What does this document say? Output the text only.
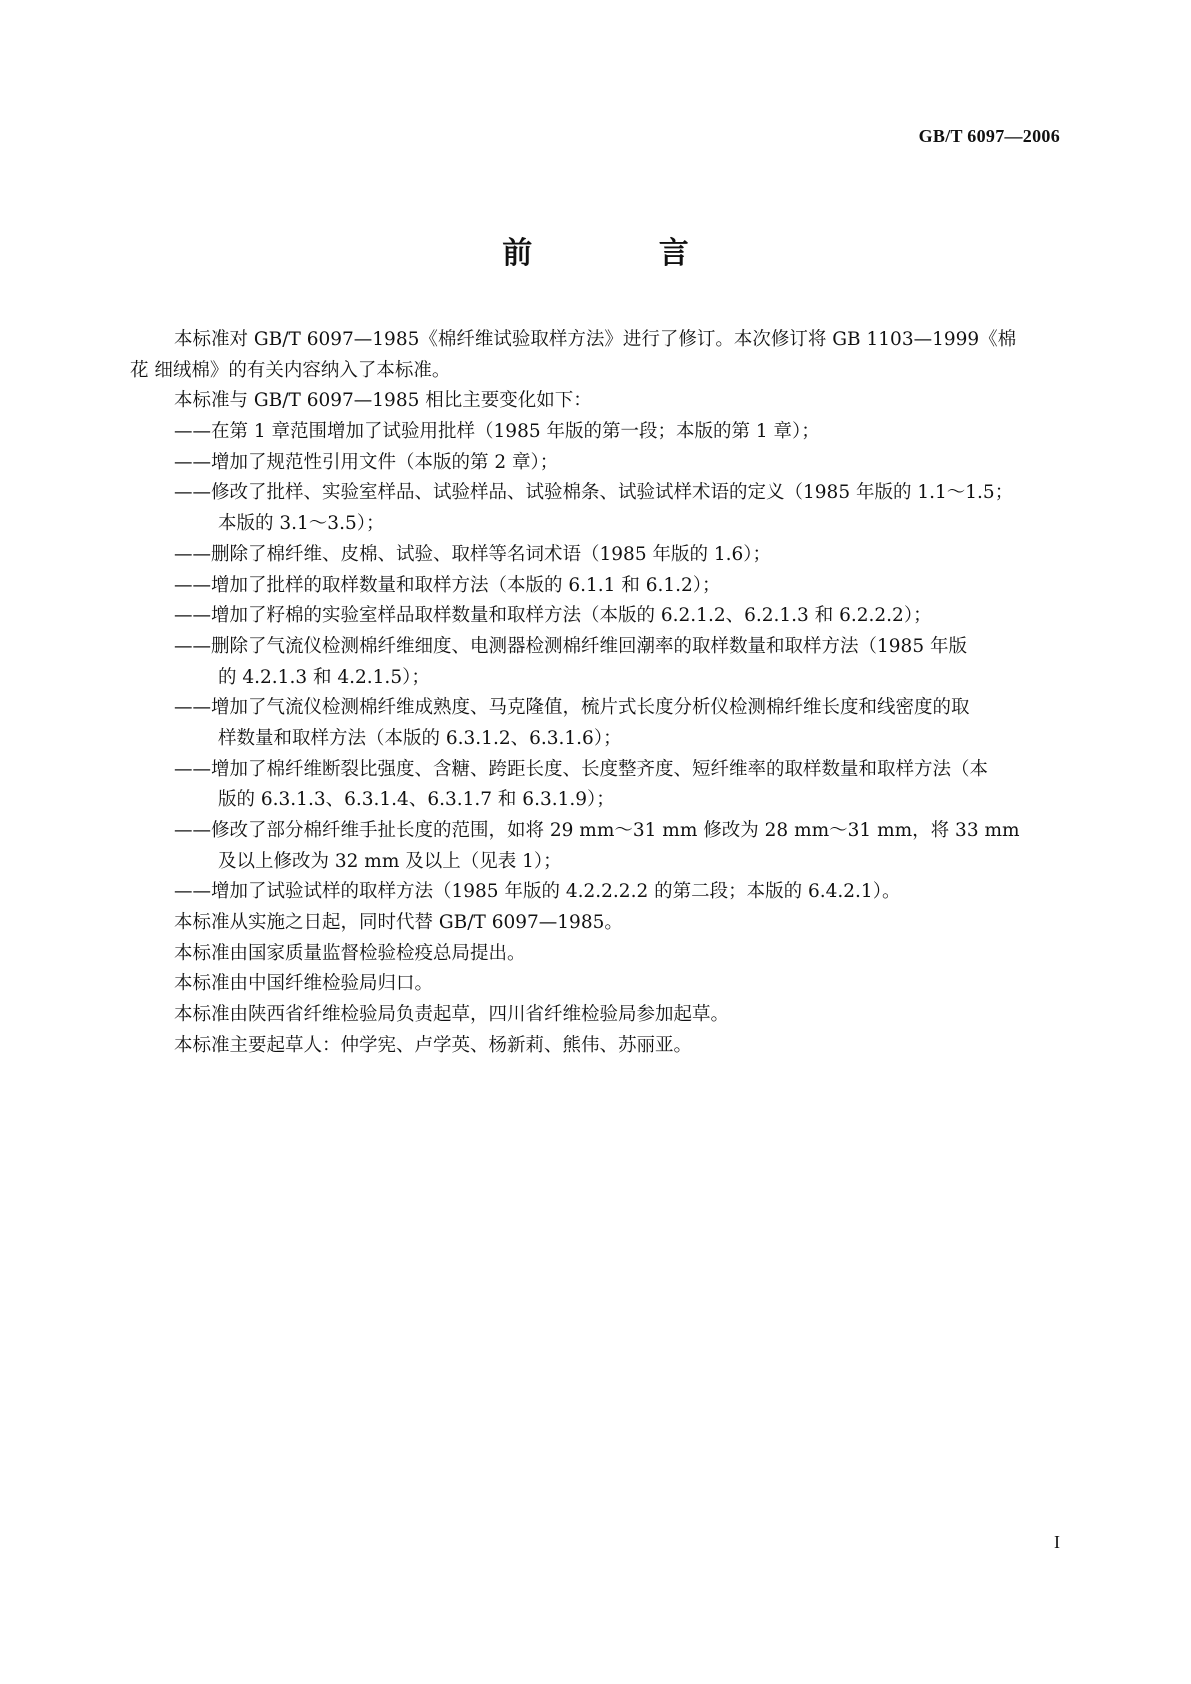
GB/T 6097—2006
前 言
本标准对 GB/T 6097—1985《棉纤维试验取样方法》进行了修订。本次修订将 GB 1103—1999《棉
花 细绒棉》的有关内容纳入了本标准。
本标准与 GB/T 6097—1985 相比主要变化如下：
——在第 1 章范围增加了试验用批样（1985 年版的第一段；本版的第 1 章）；
——增加了规范性引用文件（本版的第 2 章）；
——修改了批样、实验室样品、试验样品、试验棉条、试验试样术语的定义（1985 年版的 1.1～1.5；
本版的 3.1～3.5）；
——删除了棉纤维、皮棉、试验、取样等名词术语（1985 年版的 1.6）；
——增加了批样的取样数量和取样方法（本版的 6.1.1 和 6.1.2）；
——增加了籽棉的实验室样品取样数量和取样方法（本版的 6.2.1.2、6.2.1.3 和 6.2.2.2）；
——删除了气流仪检测棉纤维细度、电测器检测棉纤维回潮率的取样数量和取样方法（1985 年版
的 4.2.1.3 和 4.2.1.5）；
——增加了气流仪检测棉纤维成熟度、马克隆值，梳片式长度分析仪检测棉纤维长度和线密度的取
样数量和取样方法（本版的 6.3.1.2、6.3.1.6）；
——增加了棉纤维断裂比强度、含糖、跨距长度、长度整齐度、短纤维率的取样数量和取样方法（本
版的 6.3.1.3、6.3.1.4、6.3.1.7 和 6.3.1.9）；
——修改了部分棉纤维手扯长度的范围，如将 29 mm～31 mm 修改为 28 mm～31 mm，将 33 mm
及以上修改为 32 mm 及以上（见表 1）；
——增加了试验试样的取样方法（1985 年版的 4.2.2.2.2 的第二段；本版的 6.4.2.1）。
本标准从实施之日起，同时代替 GB/T 6097—1985。
本标准由国家质量监督检验检疫总局提出。
本标准由中国纤维检验局归口。
本标准由陕西省纤维检验局负责起草，四川省纤维检验局参加起草。
本标准主要起草人：仲学宪、卢学英、杨新莉、熊伟、苏丽亚。
I
